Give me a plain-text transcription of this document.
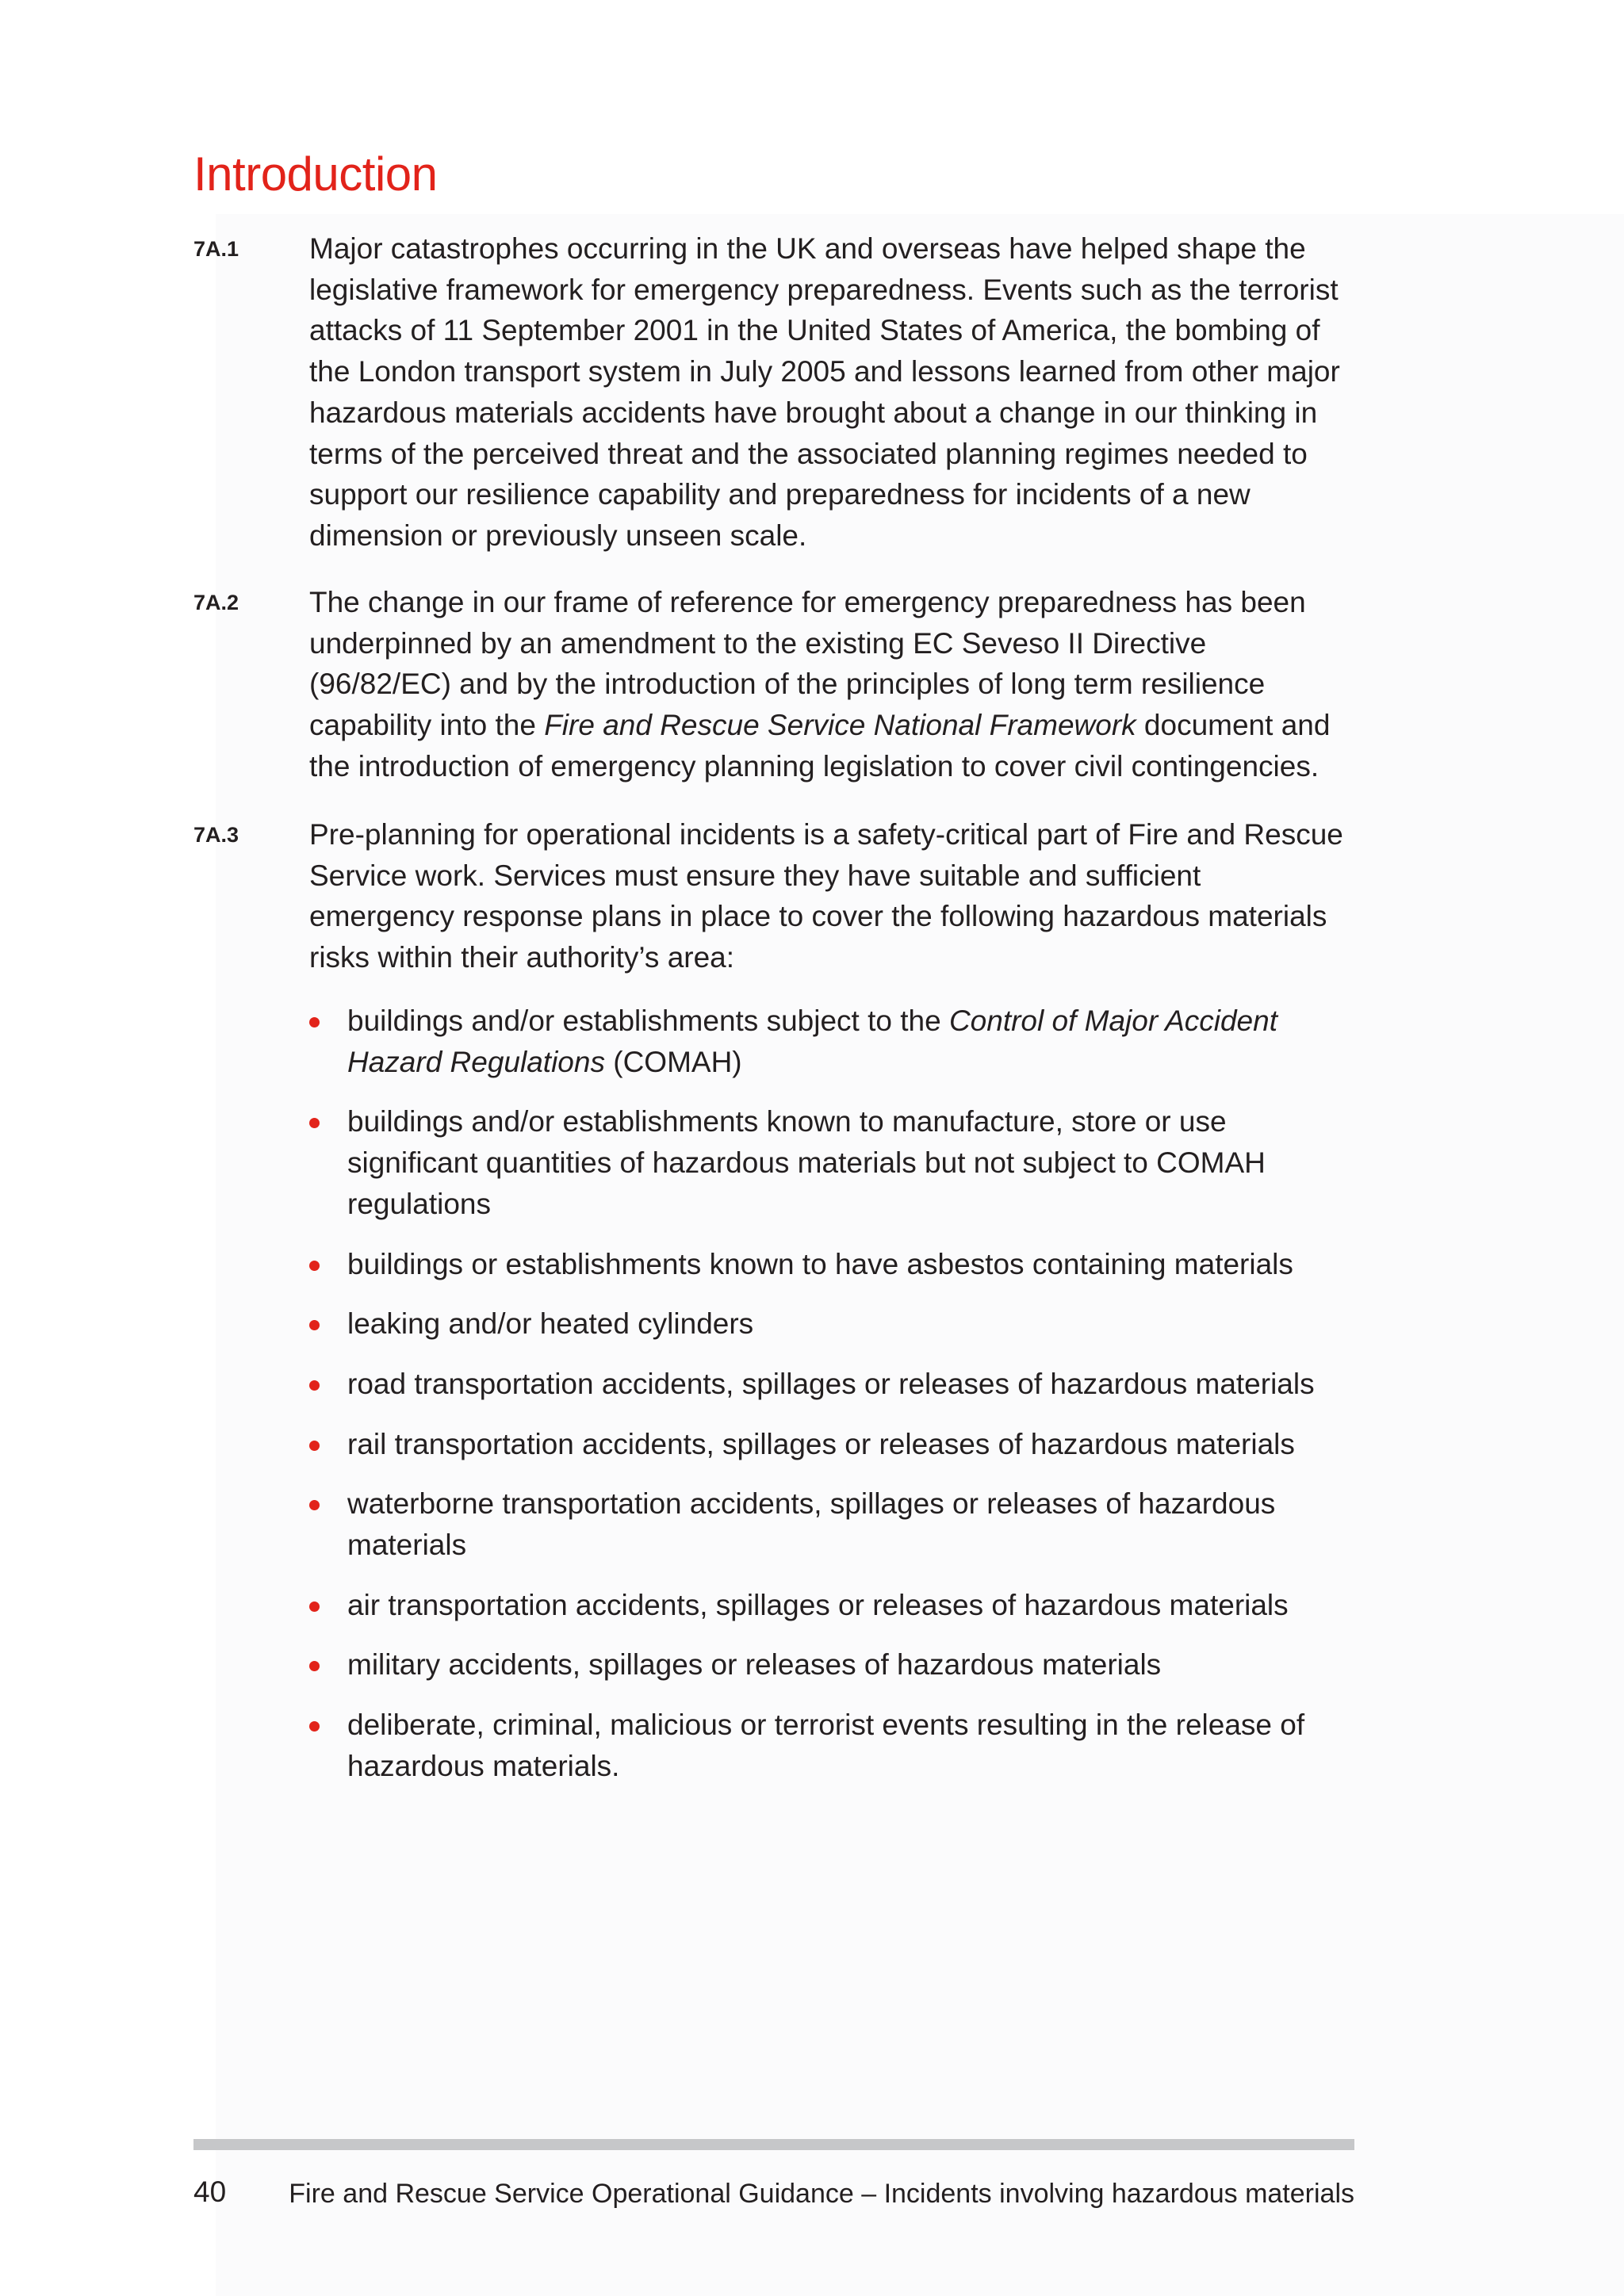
Introduction
7A.1 Major catastrophes occurring in the UK and overseas have helped shape the legislative framework for emergency preparedness. Events such as the terrorist attacks of 11 September 2001 in the United States of America, the bombing of the London transport system in July 2005 and lessons learned from other major hazardous materials accidents have brought about a change in our thinking in terms of the perceived threat and the associated planning regimes needed to support our resilience capability and preparedness for incidents of a new dimension or previously unseen scale.

7A.2 The change in our frame of reference for emergency preparedness has been underpinned by an amendment to the existing EC Seveso II Directive (96/82/EC) and by the introduction of the principles of long term resilience capability into the Fire and Rescue Service National Framework document and the introduction of emergency planning legislation to cover civil contingencies.

7A.3 Pre-planning for operational incidents is a safety-critical part of Fire and Rescue Service work. Services must ensure they have suitable and sufficient emergency response plans in place to cover the following hazardous materials risks within their authority’s area:

buildings and/or establishments subject to the Control of Major Accident Hazard Regulations (COMAH)
buildings and/or establishments known to manufacture, store or use significant quantities of hazardous materials but not subject to COMAH regulations
buildings or establishments known to have asbestos containing materials
leaking and/or heated cylinders
road transportation accidents, spillages or releases of hazardous materials
rail transportation accidents, spillages or releases of hazardous materials
waterborne transportation accidents, spillages or releases of hazardous materials
air transportation accidents, spillages or releases of hazardous materials
military accidents, spillages or releases of hazardous materials
deliberate, criminal, malicious or terrorist events resulting in the release of hazardous materials.
40 Fire and Rescue Service Operational Guidance – Incidents involving hazardous materials
